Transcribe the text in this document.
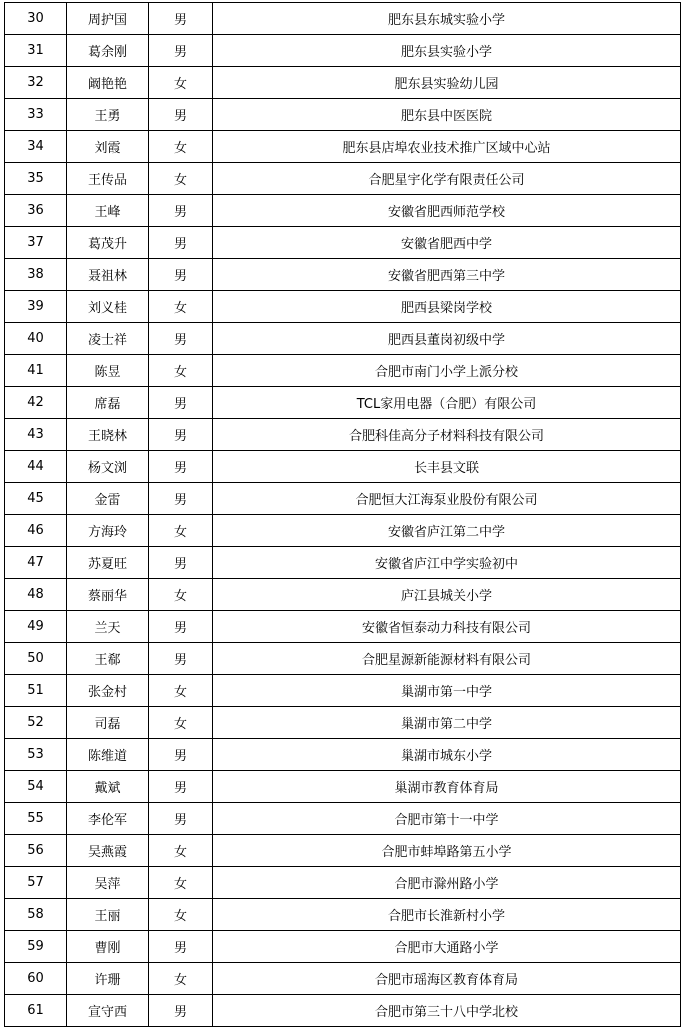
30	周护国	男	肥东县东城实验小学
31	葛余刚	男	肥东县实验小学
32	阚艳艳	女	肥东县实验幼儿园
33	王勇	男	肥东县中医医院
34	刘霞	女	肥东县店埠农业技术推广区域中心站
35	王传品	女	合肥星宇化学有限责任公司
36	王峰	男	安徽省肥西师范学校
37	葛茂升	男	安徽省肥西中学
38	聂祖林	男	安徽省肥西第三中学
39	刘义桂	女	肥西县梁岗学校
40	凌士祥	男	肥西县董岗初级中学
41	陈昱	女	合肥市南门小学上派分校
42	席磊	男	TCL家用电器（合肥）有限公司
43	王晓林	男	合肥科佳高分子材料科技有限公司
44	杨文浏	男	长丰县文联
45	金雷	男	合肥恒大江海泵业股份有限公司
46	方海玲	女	安徽省庐江第二中学
47	苏夏旺	男	安徽省庐江中学实验初中
48	蔡丽华	女	庐江县城关小学
49	兰天	男	安徽省恒泰动力科技有限公司
50	王郗	男	合肥星源新能源材料有限公司
51	张金村	女	巢湖市第一中学
52	司磊	女	巢湖市第二中学
53	陈维道	男	巢湖市城东小学
54	戴斌	男	巢湖市教育体育局
55	李伦军	男	合肥市第十一中学
56	吴燕霞	女	合肥市蚌埠路第五小学
57	吴萍	女	合肥市滁州路小学
58	王丽	女	合肥市长淮新村小学
59	曹刚	男	合肥市大通路小学
60	许珊	女	合肥市瑶海区教育体育局
61	宣守西	男	合肥市第三十八中学北校
